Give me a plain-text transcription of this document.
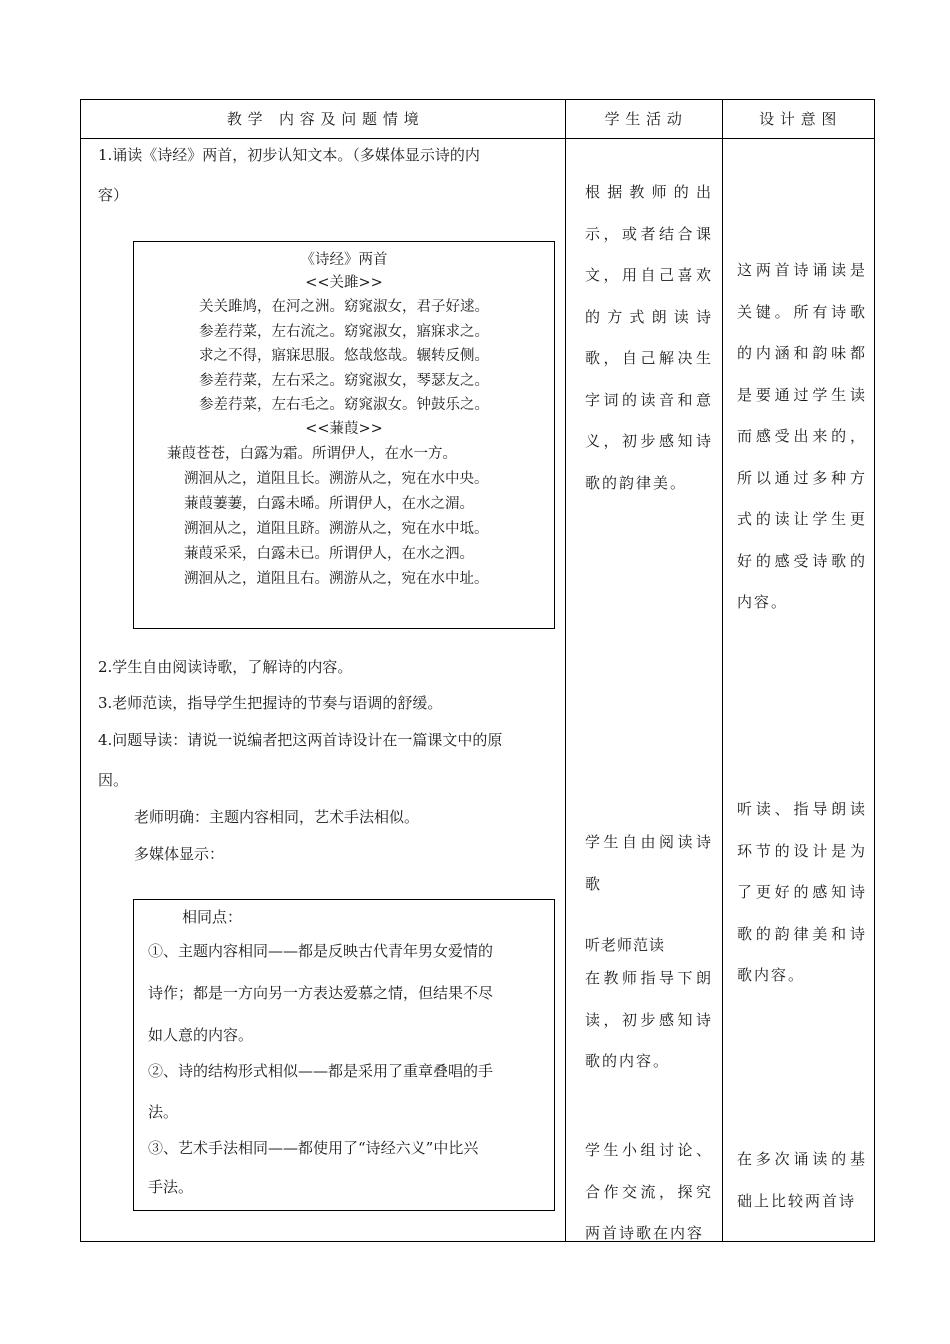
教 学   内 容 及 问 题 情 境	学 生 活 动	设 计 意 图
1.诵读《诗经》两首，初步认知文本。（多媒体显示诗的内
容）
《诗经》两首
<<关雎>>
关关雎鸠，在河之洲。窈窕淑女，君子好逑。
参差荇菜，左右流之。窈窕淑女，寤寐求之。
求之不得，寤寐思服。悠哉悠哉。辗转反侧。
参差荇菜，左右采之。窈窕淑女，琴瑟友之。
参差荇菜，左右毛之。窈窕淑女。钟鼓乐之。
<<蒹葭>>
蒹葭苍苍，白露为霜。所谓伊人，在水一方。
溯洄从之，道阻且长。溯游从之，宛在水中央。
蒹葭萋萋，白露未晞。所谓伊人，在水之湄。
溯洄从之，道阻且跻。溯游从之，宛在水中坻。
蒹葭采采，白露未已。所谓伊人，在水之泗。
溯洄从之，道阻且右。溯游从之，宛在水中址。
2.学生自由阅读诗歌，了解诗的内容。
3.老师范读，指导学生把握诗的节奏与语调的舒缓。
4.问题导读：请说一说编者把这两首诗设计在一篇课文中的原
因。
老师明确：主题内容相同，艺术手法相似。
多媒体显示：
相同点：
①、主题内容相同——都是反映古代青年男女爱情的
诗作；都是一方向另一方表达爱慕之情，但结果不尽
如人意的内容。
②、诗的结构形式相似——都是采用了重章叠唱的手
法。
③、艺术手法相同——都使用了“诗经六义”中比兴
手法。
根据教师的出示，或者结合课文，用自己喜欢的方式朗读诗歌，自己解决生字词的读音和意义，初步感知诗歌的韵律美。
学生自由阅读诗歌
听老师范读
在教师指导下朗读，初步感知诗歌的内容。
学生小组讨论、合作交流，探究两首诗歌在内容
这两首诗诵读是关键。所有诗歌的内涵和韵味都是要通过学生读而感受出来的，所以通过多种方式的读让学生更好的感受诗歌的内容。
听读、指导朗读环节的设计是为了更好的感知诗歌的韵律美和诗歌内容。
在多次诵读的基础上比较两首诗
